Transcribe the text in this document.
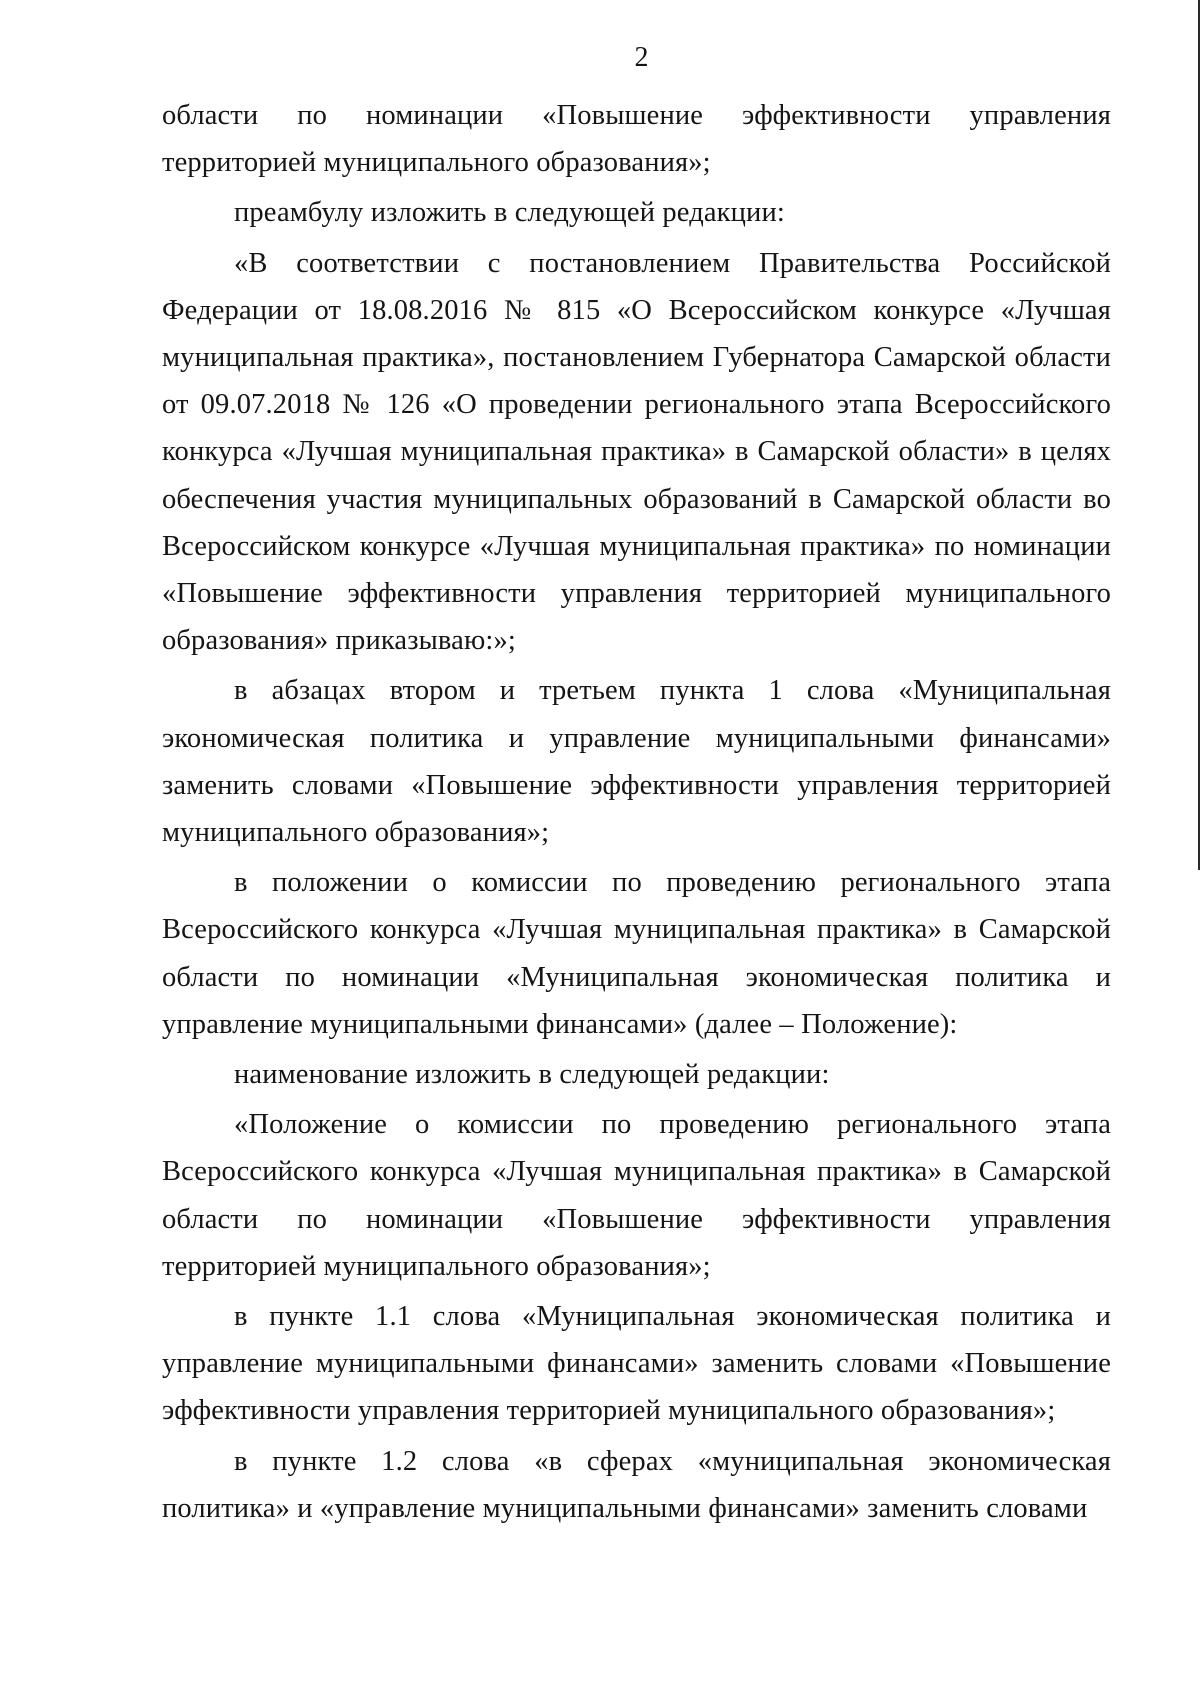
2

области по номинации «Повышение эффективности управления территорией муниципального образования»;

преамбулу изложить в следующей редакции:

«В соответствии с постановлением Правительства Российской Федерации от 18.08.2016 № 815 «О Всероссийском конкурсе «Лучшая муниципальная практика», постановлением Губернатора Самарской области от 09.07.2018 № 126 «О проведении регионального этапа Всероссийского конкурса «Лучшая муниципальная практика» в Самарской области» в целях обеспечения участия муниципальных образований в Самарской области во Всероссийском конкурсе «Лучшая муниципальная практика» по номинации «Повышение эффективности управления территорией муниципального образования» приказываю:»;

в абзацах втором и третьем пункта 1 слова «Муниципальная экономическая политика и управление муниципальными финансами» заменить словами «Повышение эффективности управления территорией муниципального образования»;

в положении о комиссии по проведению регионального этапа Всероссийского конкурса «Лучшая муниципальная практика» в Самарской области по номинации «Муниципальная экономическая политика и управление муниципальными финансами» (далее – Положение):

наименование изложить в следующей редакции:

«Положение о комиссии по проведению регионального этапа Всероссийского конкурса «Лучшая муниципальная практика» в Самарской области по номинации «Повышение эффективности управления территорией муниципального образования»;

в пункте 1.1 слова «Муниципальная экономическая политика и управление муниципальными финансами» заменить словами «Повышение эффективности управления территорией муниципального образования»;

в пункте 1.2 слова «в сферах «муниципальная экономическая политика» и «управление муниципальными финансами» заменить словами
